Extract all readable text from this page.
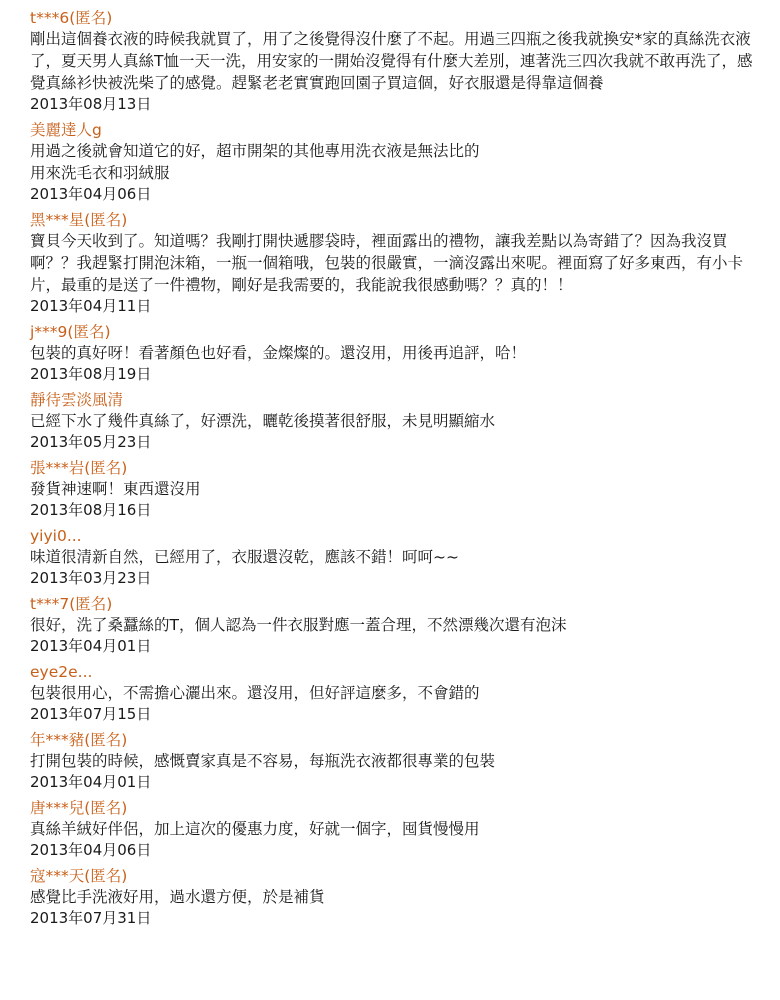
t***6(匿名)
剛出這個養衣液的時候我就買了，用了之後覺得沒什麼了不起。用過三四瓶之後我就換安*家的真絲洗衣液了，夏天男人真絲T恤一天一洗，用安家的一開始沒覺得有什麼大差別，連著洗三四次我就不敢再洗了，感覺真絲衫快被洗柴了的感覺。趕緊老老實實跑回園子買這個，好衣服還是得靠這個養
2013年08月13日
美麗達人g
用過之後就會知道它的好，超市開架的其他專用洗衣液是無法比的
用來洗毛衣和羽絨服
2013年04月06日
黑***星(匿名)
寶貝今天收到了。知道嗎？我剛打開快遞膠袋時，裡面露出的禮物，讓我差點以為寄錯了？因為我沒買啊？？我趕緊打開泡沫箱，一瓶一個箱哦，包裝的很嚴實，一滴沒露出來呢。裡面寫了好多東西，有小卡片，最重的是送了一件禮物，剛好是我需要的，我能說我很感動嗎？？真的！！
2013年04月11日
j***9(匿名)
包裝的真好呀！看著顏色也好看，金燦燦的。還沒用，用後再追評，哈！
2013年08月19日
靜待雲淡風清
已經下水了幾件真絲了，好漂洗，曬乾後摸著很舒服，未見明顯縮水
2013年05月23日
張***岩(匿名)
發貨神速啊！東西還沒用
2013年08月16日
yiyi0...
味道很清新自然，已經用了，衣服還沒乾，應該不錯！呵呵~~
2013年03月23日
t***7(匿名)
很好，洗了桑蠶絲的T，個人認為一件衣服對應一蓋合理，不然漂幾次還有泡沫
2013年04月01日
eye2e...
包裝很用心，不需擔心灑出來。還沒用，但好評這麼多，不會錯的
2013年07月15日
年***豬(匿名)
打開包裝的時候，感慨賣家真是不容易，每瓶洗衣液都很專業的包裝
2013年04月01日
唐***兒(匿名)
真絲羊絨好伴侶，加上這次的優惠力度，好就一個字，囤貨慢慢用
2013年04月06日
寇***天(匿名)
感覺比手洗液好用，過水還方便，於是補貨
2013年07月31日
